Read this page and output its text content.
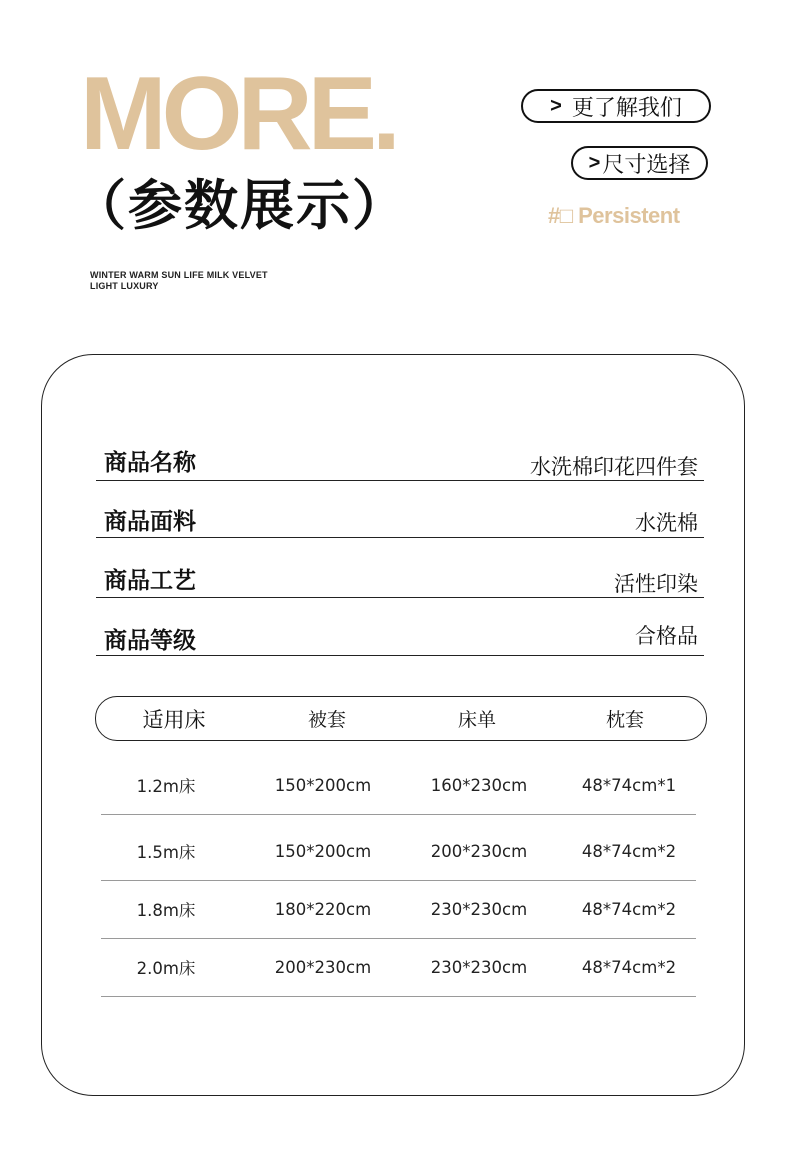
MORE.
（参数展示）
WINTER WARM SUN LIFE MILK VELVET
LIGHT LUXURY
> 更了解我们
> 尺寸选择
#□ Persistent
商品名称	水洗棉印花四件套
商品面料	水洗棉
商品工艺	活性印染
商品等级	合格品
适用床	被套	床单	枕套
1.2m床	150*200cm	160*230cm	48*74cm*1
1.5m床	150*200cm	200*230cm	48*74cm*2
1.8m床	180*220cm	230*230cm	48*74cm*2
2.0m床	200*230cm	230*230cm	48*74cm*2
